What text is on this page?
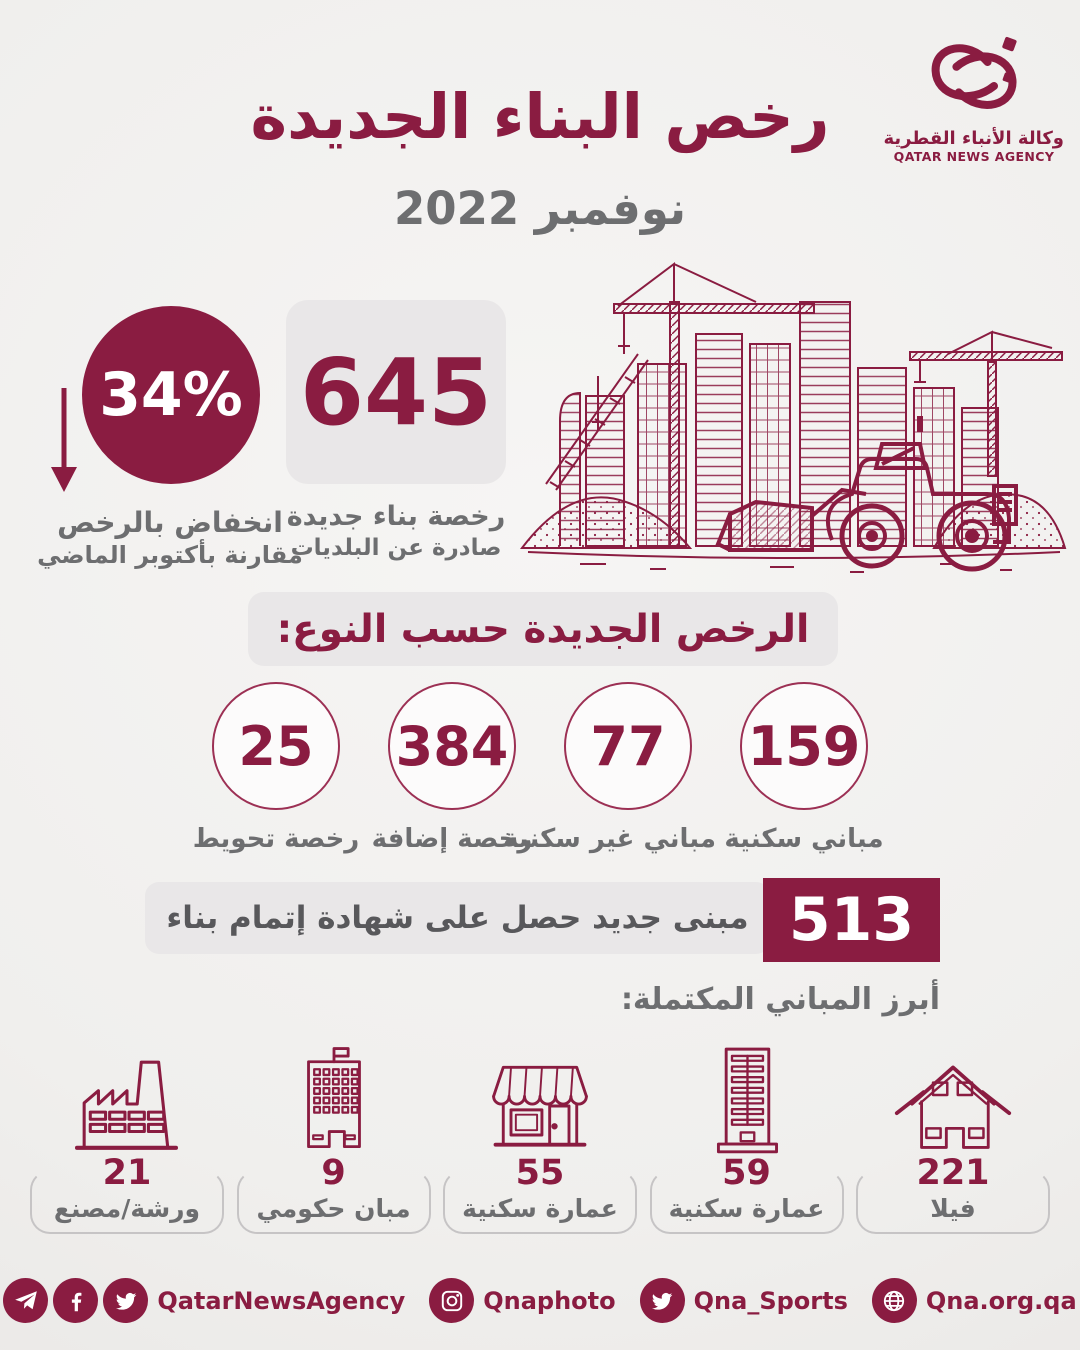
وكالة الأنباء القطرية
QATAR NEWS AGENCY
رخص البناء الجديدة
نوفمبر 2022
34%
انخفاض بالرخص
مقارنة بأكتوبر الماضي
645
رخصة بناء جديدة
صادرة عن البلديات
الرخص الجديدة حسب النوع:
25
رخصة تحويط
384
رخصة إضافة
77
مباني غير سكنية
159
مباني سكنية
مبنى جديد حصل على شهادة إتمام بناء 513
أبرز المباني المكتملة:
21
ورشة/مصنع
9
مبان حكومي
55
عمارة سكنية
59
عمارة سكنية
221
فيلا
QatarNewsAgency	Qnaphoto	Qna_Sports	Qna.org.qa
